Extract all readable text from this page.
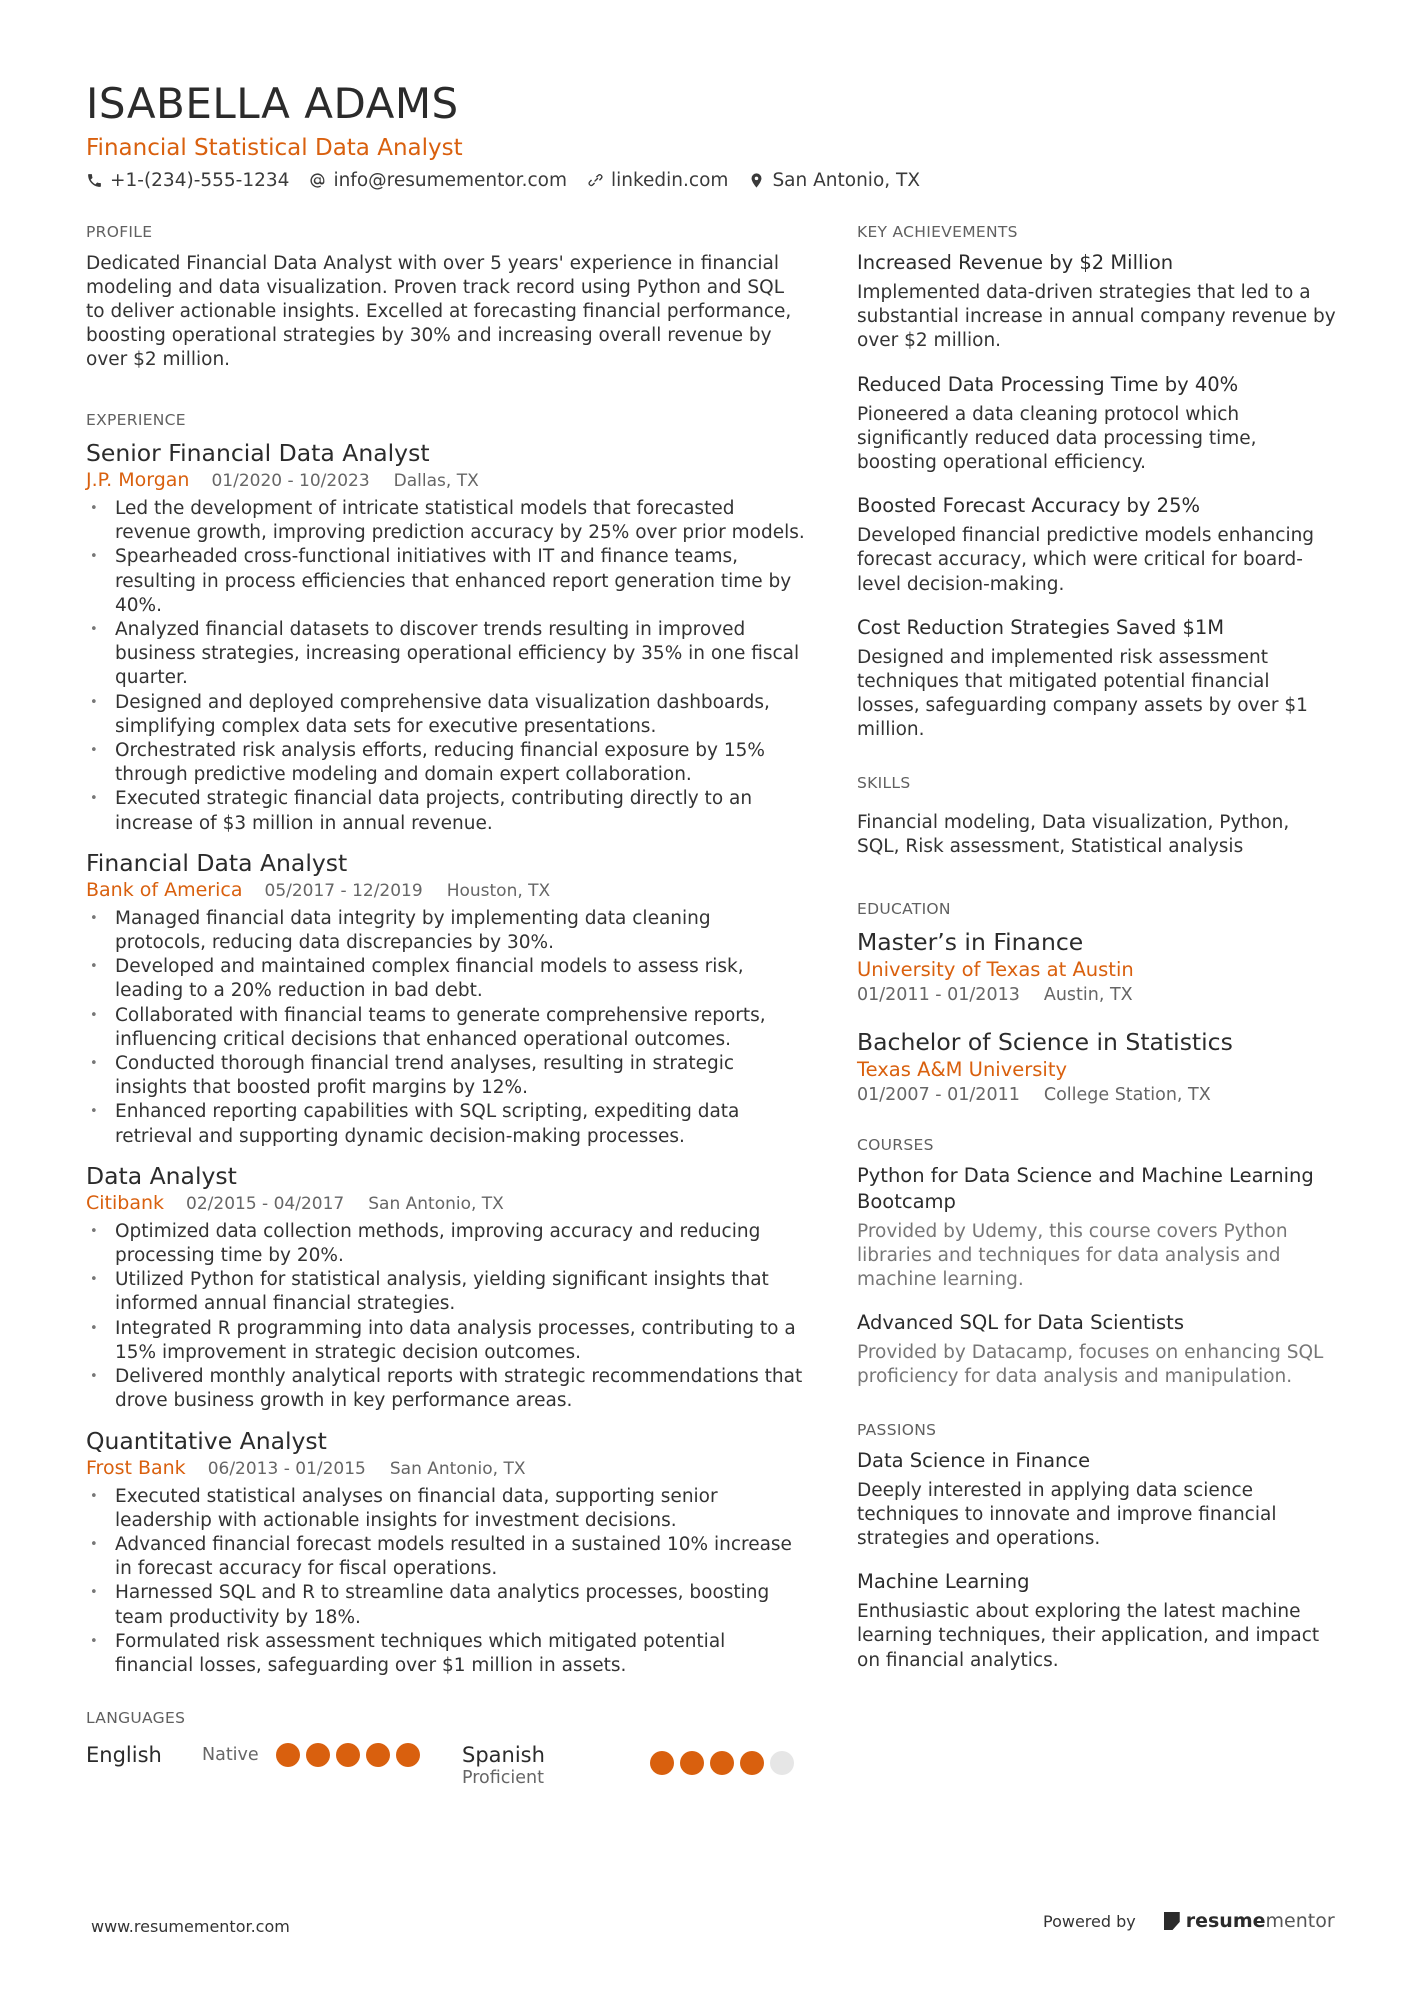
ISABELLA ADAMS
Financial Statistical Data Analyst
+1-(234)-555-1234 info@resumementor.com linkedin.com San Antonio, TX
PROFILE
Dedicated Financial Data Analyst with over 5 years' experience in financial modeling and data visualization. Proven track record using Python and SQL to deliver actionable insights. Excelled at forecasting financial performance, boosting operational strategies by 30% and increasing overall revenue by over $2 million.
EXPERIENCE
Senior Financial Data Analyst
J.P. Morgan 01/2020 - 10/2023 Dallas, TX
• Led the development of intricate statistical models that forecasted revenue growth, improving prediction accuracy by 25% over prior models.
• Spearheaded cross-functional initiatives with IT and finance teams, resulting in process efficiencies that enhanced report generation time by 40%.
• Analyzed financial datasets to discover trends resulting in improved business strategies, increasing operational efficiency by 35% in one fiscal quarter.
• Designed and deployed comprehensive data visualization dashboards, simplifying complex data sets for executive presentations.
• Orchestrated risk analysis efforts, reducing financial exposure by 15% through predictive modeling and domain expert collaboration.
• Executed strategic financial data projects, contributing directly to an increase of $3 million in annual revenue.
Financial Data Analyst
Bank of America 05/2017 - 12/2019 Houston, TX
• Managed financial data integrity by implementing data cleaning protocols, reducing data discrepancies by 30%.
• Developed and maintained complex financial models to assess risk, leading to a 20% reduction in bad debt.
• Collaborated with financial teams to generate comprehensive reports, influencing critical decisions that enhanced operational outcomes.
• Conducted thorough financial trend analyses, resulting in strategic insights that boosted profit margins by 12%.
• Enhanced reporting capabilities with SQL scripting, expediting data retrieval and supporting dynamic decision-making processes.
Data Analyst
Citibank 02/2015 - 04/2017 San Antonio, TX
• Optimized data collection methods, improving accuracy and reducing processing time by 20%.
• Utilized Python for statistical analysis, yielding significant insights that informed annual financial strategies.
• Integrated R programming into data analysis processes, contributing to a 15% improvement in strategic decision outcomes.
• Delivered monthly analytical reports with strategic recommendations that drove business growth in key performance areas.
Quantitative Analyst
Frost Bank 06/2013 - 01/2015 San Antonio, TX
• Executed statistical analyses on financial data, supporting senior leadership with actionable insights for investment decisions.
• Advanced financial forecast models resulted in a sustained 10% increase in forecast accuracy for fiscal operations.
• Harnessed SQL and R to streamline data analytics processes, boosting team productivity by 18%.
• Formulated risk assessment techniques which mitigated potential financial losses, safeguarding over $1 million in assets.
LANGUAGES
English	Native	Spanish
Proficient
KEY ACHIEVEMENTS
Increased Revenue by $2 Million
Implemented data-driven strategies that led to a substantial increase in annual company revenue by over $2 million.
Reduced Data Processing Time by 40%
Pioneered a data cleaning protocol which significantly reduced data processing time, boosting operational efficiency.
Boosted Forecast Accuracy by 25%
Developed financial predictive models enhancing forecast accuracy, which were critical for board-level decision-making.
Cost Reduction Strategies Saved $1M
Designed and implemented risk assessment techniques that mitigated potential financial losses, safeguarding company assets by over $1 million.
SKILLS
Financial modeling, Data visualization, Python, SQL, Risk assessment, Statistical analysis
EDUCATION
Master’s in Finance
University of Texas at Austin
01/2011 - 01/2013 Austin, TX
Bachelor of Science in Statistics
Texas A&M University
01/2007 - 01/2011 College Station, TX
COURSES
Python for Data Science and Machine Learning Bootcamp
Provided by Udemy, this course covers Python libraries and techniques for data analysis and machine learning.
Advanced SQL for Data Scientists
Provided by Datacamp, focuses on enhancing SQL proficiency for data analysis and manipulation.
PASSIONS
Data Science in Finance
Deeply interested in applying data science techniques to innovate and improve financial strategies and operations.
Machine Learning
Enthusiastic about exploring the latest machine learning techniques, their application, and impact on financial analytics.
www.resumementor.com	Powered by	resume mentor
